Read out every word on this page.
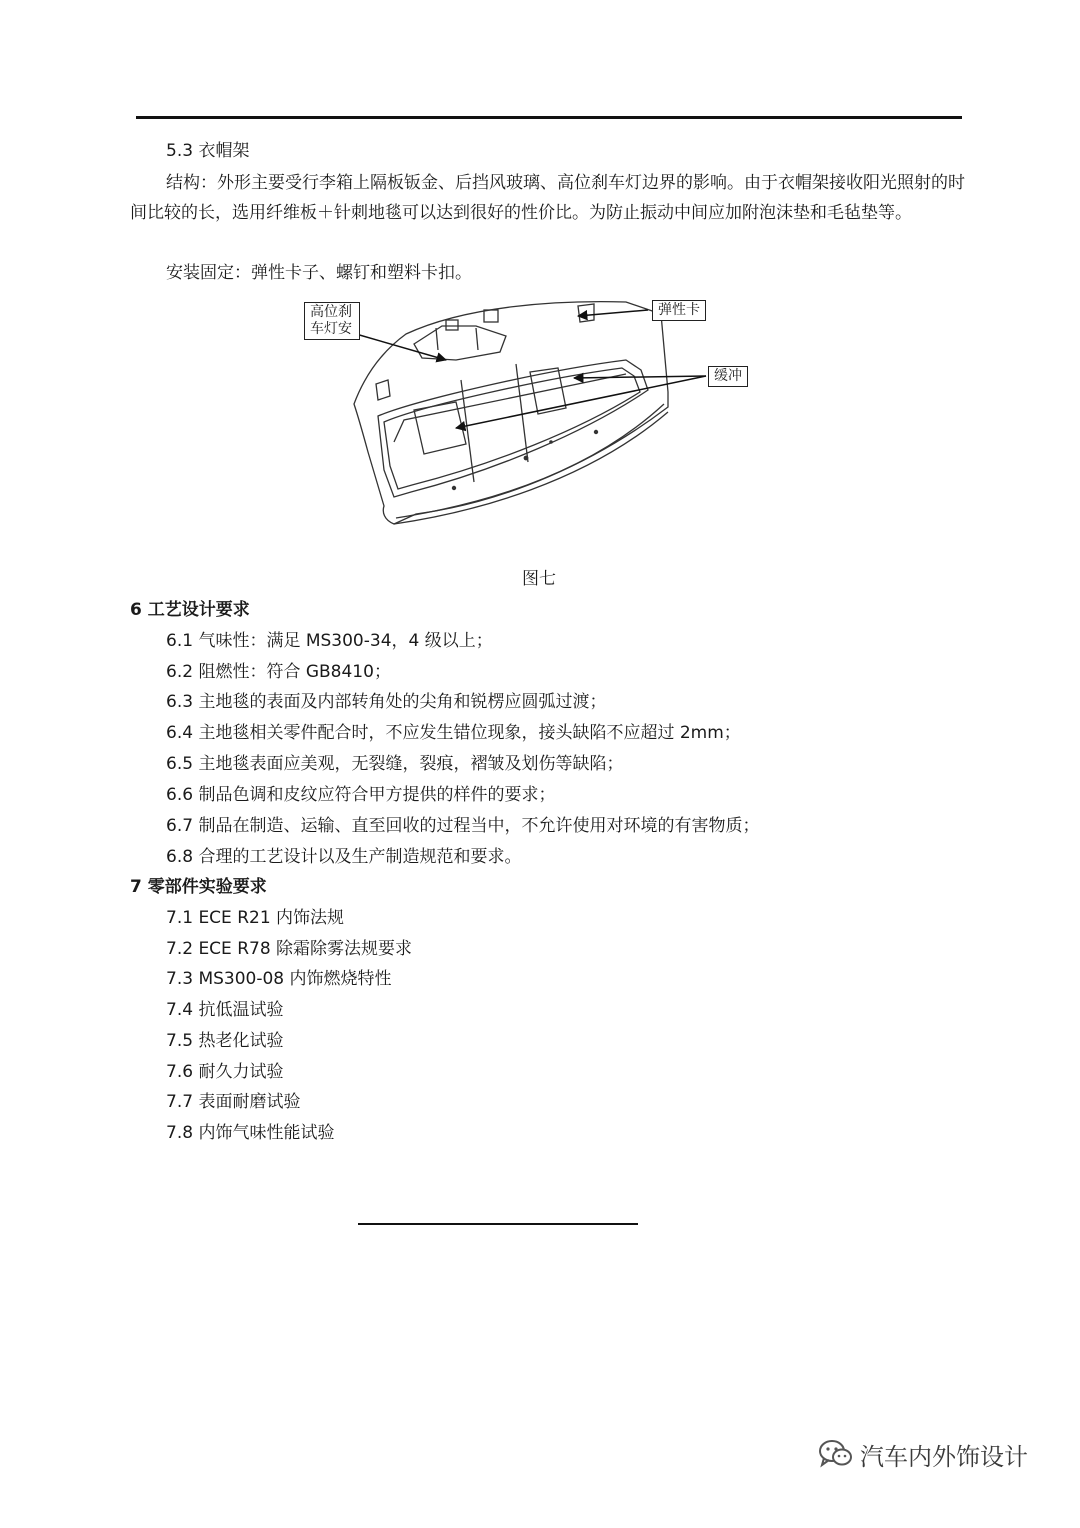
5.3 衣帽架

结构：外形主要受行李箱上隔板钣金、后挡风玻璃、高位刹车灯边界的影响。由于衣帽架接收阳光照射的时间比较的长，选用纤维板＋针刺地毯可以达到很好的性价比。为防止振动中间应加附泡沫垫和毛毡垫等。

安装固定：弹性卡子、螺钉和塑料卡扣。
高位刹车灯安
弹性卡
缓冲
图七
6 工艺设计要求
6.1 气味性：满足 MS300-34，4 级以上；
6.2 阻燃性：符合 GB8410；
6.3 主地毯的表面及内部转角处的尖角和锐楞应圆弧过渡；
6.4 主地毯相关零件配合时，不应发生错位现象，接头缺陷不应超过 2mm；
6.5 主地毯表面应美观，无裂缝，裂痕，褶皱及划伤等缺陷；
6.6 制品色调和皮纹应符合甲方提供的样件的要求；
6.7 制品在制造、运输、直至回收的过程当中，不允许使用对环境的有害物质；
6.8 合理的工艺设计以及生产制造规范和要求。
7 零部件实验要求
7.1 ECE R21 内饰法规
7.2 ECE R78 除霜除雾法规要求
7.3 MS300-08 内饰燃烧特性
7.4 抗低温试验
7.5 热老化试验
7.6 耐久力试验
7.7 表面耐磨试验
7.8 内饰气味性能试验
汽车内外饰设计
